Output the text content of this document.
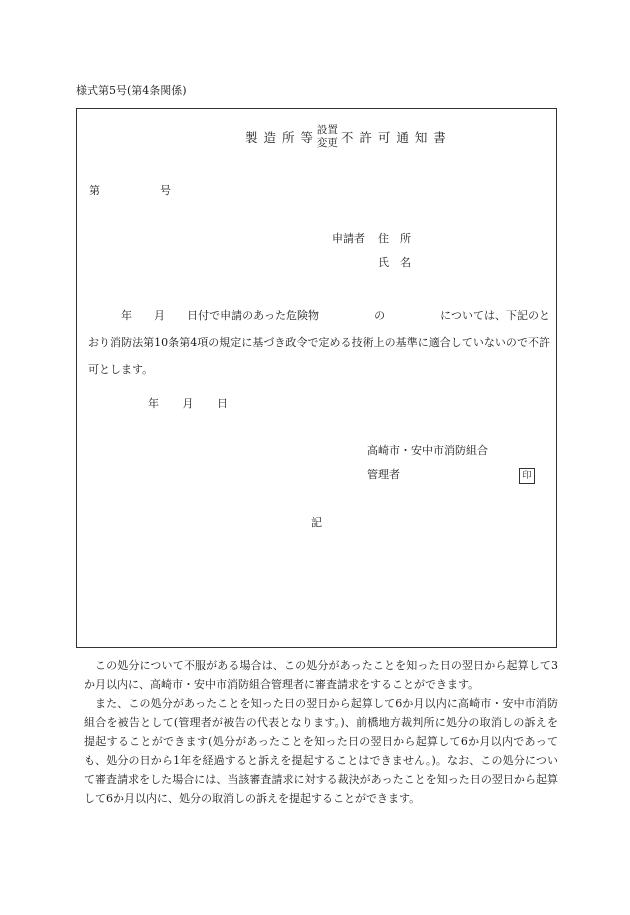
様式第5号(第4条関係)
製 造 所 等
設置
変更 不 許 可 通 知 書
第	号
申請者 住　所
氏　名
　　　年　　月　　日付で申請のあった危険物　　　　　の　　　　　については、下記のとおり消防法第10条第4項の規定に基づき政令で定める技術上の基準に適合していないので不許可とします。
年　　月　　日
高崎市・安中市消防組合
管理者	印
記

この処分について不服がある場合は、この処分があったことを知った日の翌日から起算して3か月以内に、高崎市・安中市消防組合管理者に審査請求をすることができます。

また、この処分があったことを知った日の翌日から起算して6か月以内に高崎市・安中市消防組合を被告として(管理者が被告の代表となります。)、前橋地方裁判所に処分の取消しの訴えを提起することができます(処分があったことを知った日の翌日から起算して6か月以内であっても、処分の日から1年を経過すると訴えを提起することはできません。)。なお、この処分について審査請求をした場合には、当該審査請求に対する裁決があったことを知った日の翌日から起算して6か月以内に、処分の取消しの訴えを提起することができます。
